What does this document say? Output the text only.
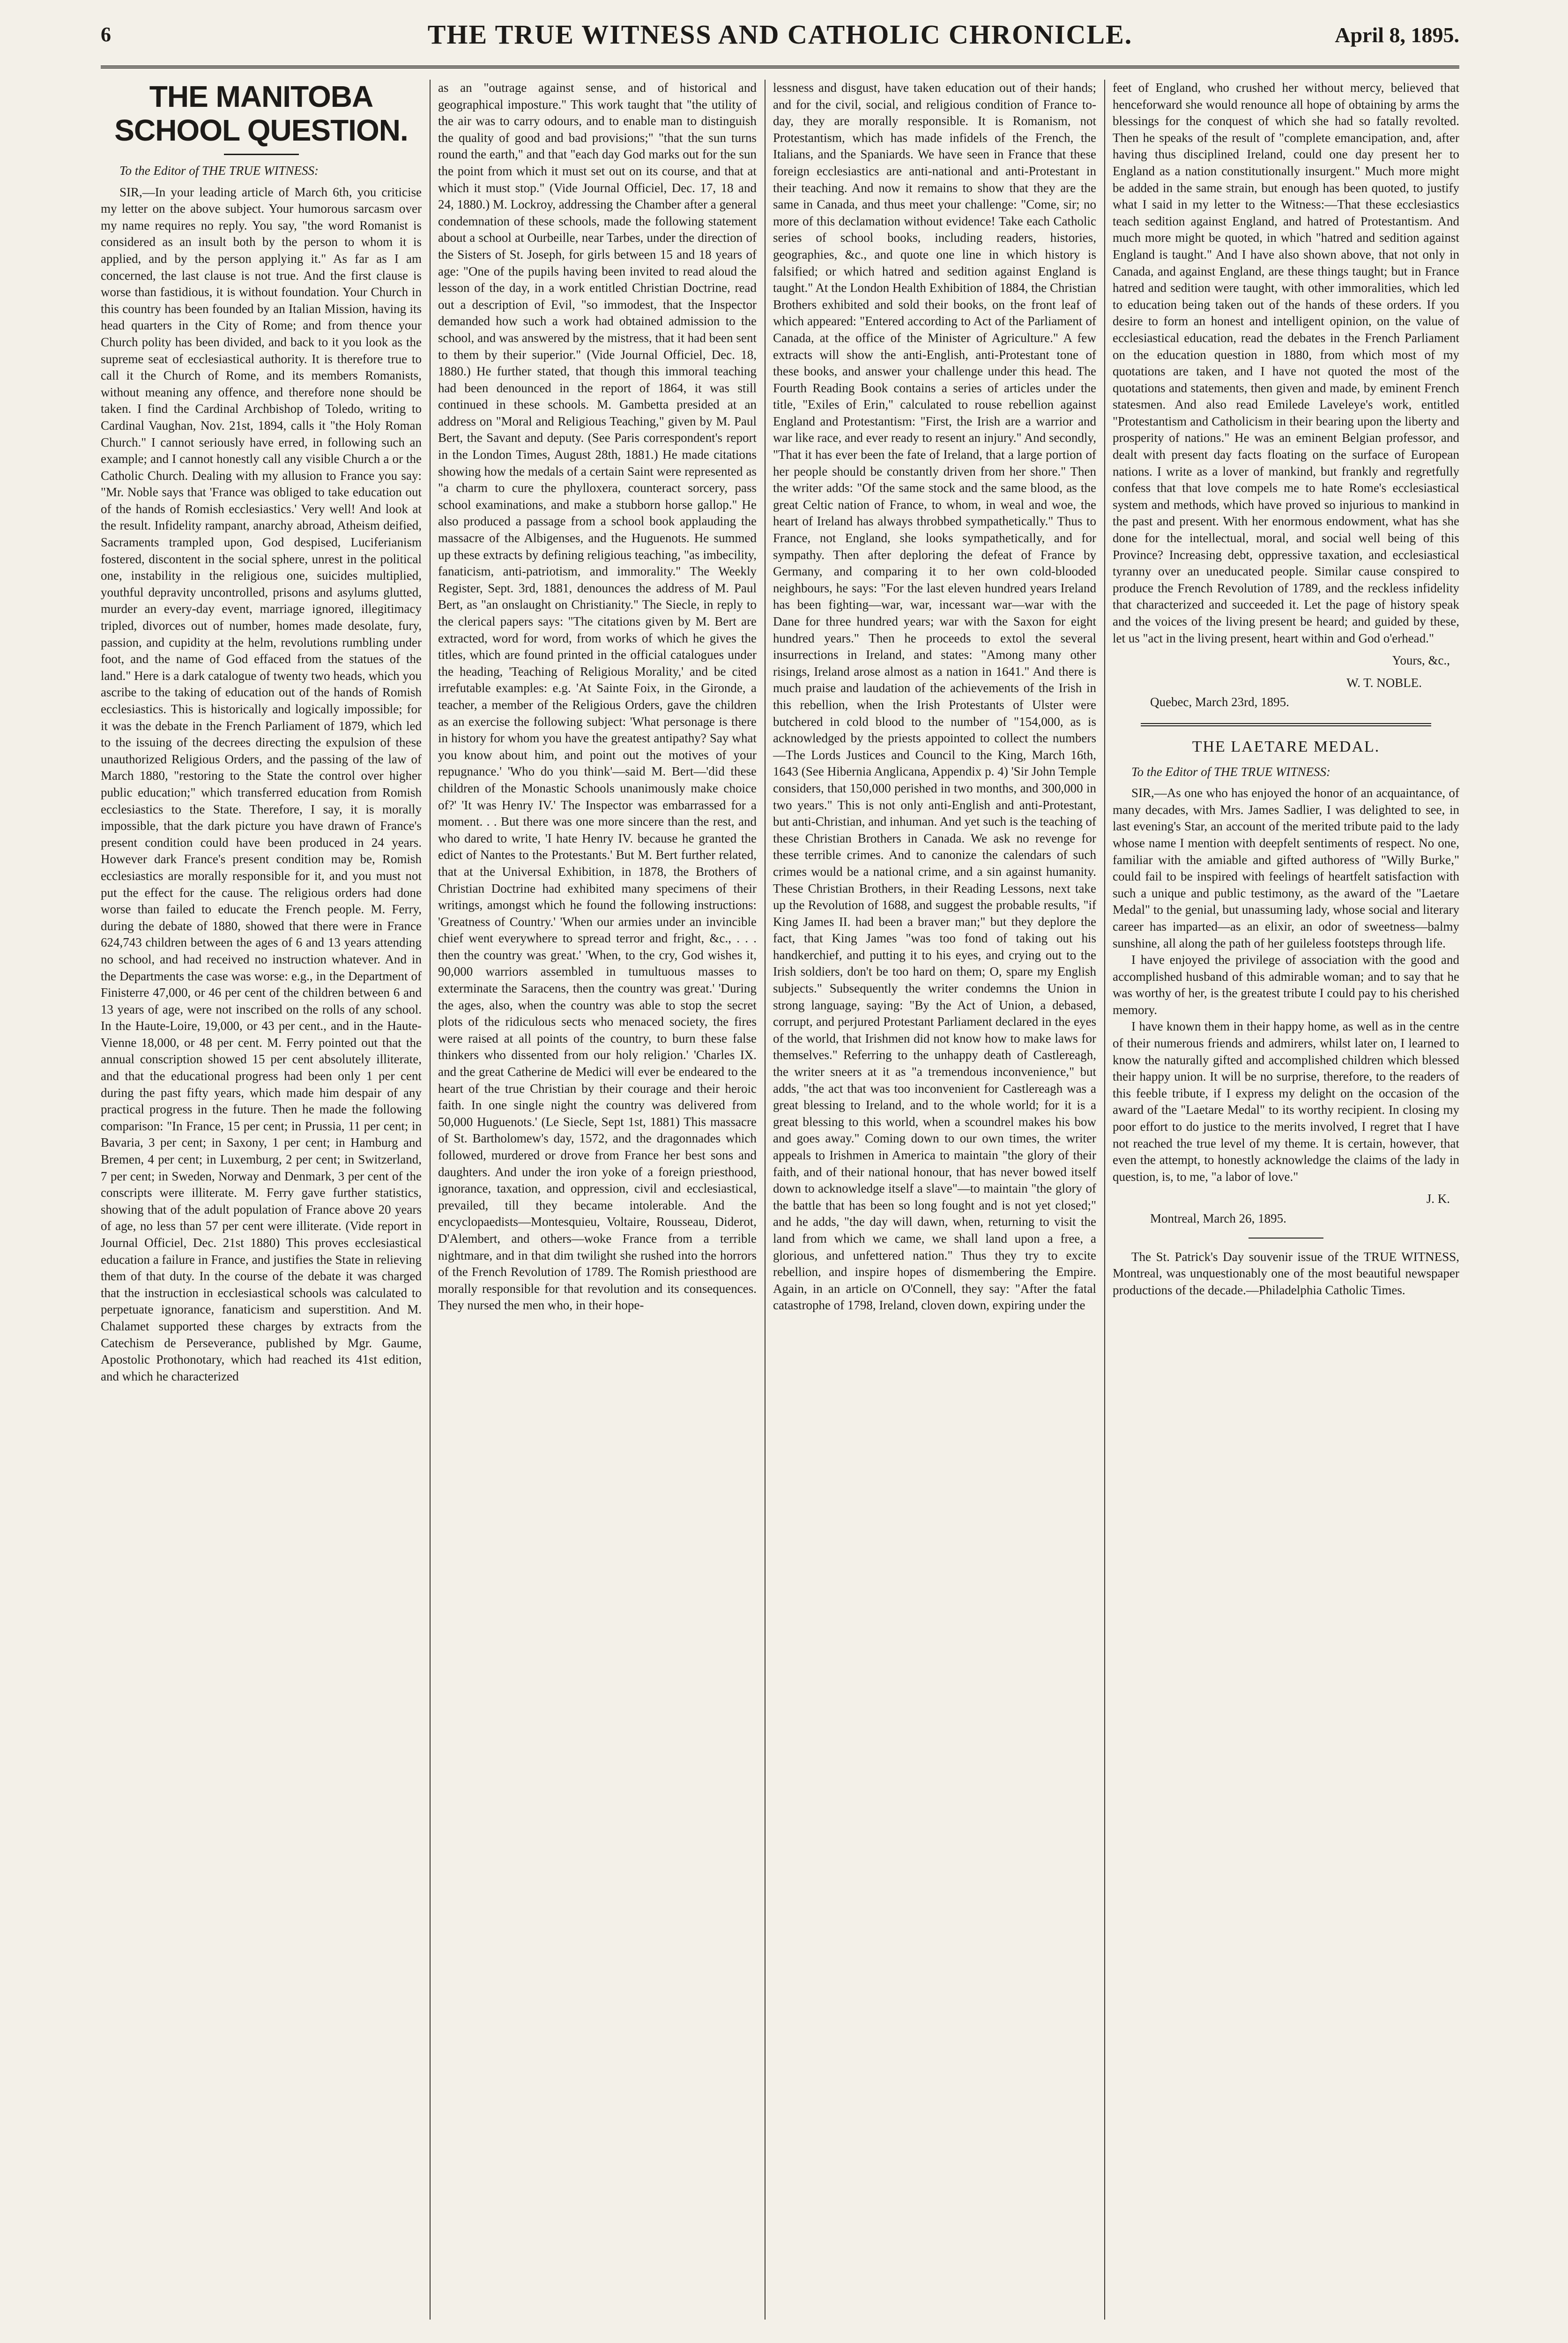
6	THE TRUE WITNESS AND CATHOLIC CHRONICLE.	April 8, 1895.
THE MANITOBA SCHOOL QUESTION.
To the Editor of THE TRUE WITNESS:

SIR,—In your leading article of March 6th, you criticise my letter on the above subject. Your humorous sarcasm over my name requires no reply. You say, "the word Romanist is considered as an insult both by the person to whom it is applied, and by the person applying it." As far as I am concerned, the last clause is not true. And the first clause is worse than fastidious, it is without foundation. Your Church in this country has been founded by an Italian Mission, having its head quarters in the City of Rome; and from thence your Church polity has been divided, and back to it you look as the supreme seat of ecclesiastical authority. It is therefore true to call it the Church of Rome, and its members Romanists, without meaning any offence, and therefore none should be taken. I find the Cardinal Archbishop of Toledo, writing to Cardinal Vaughan, Nov. 21st, 1894, calls it "the Holy Roman Church." I cannot seriously have erred, in following such an example; and I cannot honestly call any visible Church a or the Catholic Church. Dealing with my allusion to France you say: "Mr. Noble says that 'France was obliged to take education out of the hands of Romish ecclesiastics.' Very well! And look at the result. Infidelity rampant, anarchy abroad, Atheism deified, Sacraments trampled upon, God despised, Luciferianism fostered, discontent in the social sphere, unrest in the political one, instability in the religious one, suicides multiplied, youthful depravity uncontrolled, prisons and asylums glutted, murder an every-day event, marriage ignored, illegitimacy tripled, divorces out of number, homes made desolate, fury, passion, and cupidity at the helm, revolutions rumbling under foot, and the name of God effaced from the statues of the land." Here is a dark catalogue of twenty two heads, which you ascribe to the taking of education out of the hands of Romish ecclesiastics. This is historically and logically impossible; for it was the debate in the French Parliament of 1879, which led to the issuing of the decrees directing the expulsion of these unauthorized Religious Orders, and the passing of the law of March 1880, "restoring to the State the control over higher public education;" which transferred education from Romish ecclesiastics to the State. Therefore, I say, it is morally impossible, that the dark picture you have drawn of France's present condition could have been produced in 24 years. However dark France's present condition may be, Romish ecclesiastics are morally responsible for it, and you must not put the effect for the cause. The religious orders had done worse than failed to educate the French people. M. Ferry, during the debate of 1880, showed that there were in France 624,743 children between the ages of 6 and 13 years attending no school, and had received no instruction whatever. And in the Departments the case was worse: e.g., in the Department of Finisterre 47,000, or 46 per cent of the children between 6 and 13 years of age, were not inscribed on the rolls of any school. In the Haute-Loire, 19,000, or 43 per cent., and in the Haute-Vienne 18,000, or 48 per cent. M. Ferry pointed out that the annual conscription showed 15 per cent absolutely illiterate, and that the educational progress had been only 1 per cent during the past fifty years, which made him despair of any practical progress in the future. Then he made the following comparison: "In France, 15 per cent; in Prussia, 11 per cent; in Bavaria, 3 per cent; in Saxony, 1 per cent; in Hamburg and Bremen, 4 per cent; in Luxemburg, 2 per cent; in Switzerland, 7 per cent; in Sweden, Norway and Denmark, 3 per cent of the conscripts were illiterate. M. Ferry gave further statistics, showing that of the adult population of France above 20 years of age, no less than 57 per cent were illiterate. (Vide report in Journal Officiel, Dec. 21st 1880) This proves ecclesiastical education a failure in France, and justifies the State in relieving them of that duty. In the course of the debate it was charged that the instruction in ecclesiastical schools was calculated to perpetuate ignorance, fanaticism and superstition. And M. Chalamet supported these charges by extracts from the Catechism de Perseverance, published by Mgr. Gaume, Apostolic Prothonotary, which had reached its 41st edition, and which he characterized

as an "outrage against sense, and of historical and geographical imposture." This work taught that "the utility of the air was to carry odours, and to enable man to distinguish the quality of good and bad provisions;" "that the sun turns round the earth," and that "each day God marks out for the sun the point from which it must set out on its course, and that at which it must stop." (Vide Journal Officiel, Dec. 17, 18 and 24, 1880.) M. Lockroy, addressing the Chamber after a general condemnation of these schools, made the following statement about a school at Ourbeille, near Tarbes, under the direction of the Sisters of St. Joseph, for girls between 15 and 18 years of age: "One of the pupils having been invited to read aloud the lesson of the day, in a work entitled Christian Doctrine, read out a description of Evil, "so immodest, that the Inspector demanded how such a work had obtained admission to the school, and was answered by the mistress, that it had been sent to them by their superior." (Vide Journal Officiel, Dec. 18, 1880.) He further stated, that though this immoral teaching had been denounced in the report of 1864, it was still continued in these schools. M. Gambetta presided at an address on "Moral and Religious Teaching," given by M. Paul Bert, the Savant and deputy. (See Paris correspondent's report in the London Times, August 28th, 1881.) He made citations showing how the medals of a certain Saint were represented as "a charm to cure the phylloxera, counteract sorcery, pass school examinations, and make a stubborn horse gallop." He also produced a passage from a school book applauding the massacre of the Albigenses, and the Huguenots. He summed up these extracts by defining religious teaching, "as imbecility, fanaticism, anti-patriotism, and immorality." The Weekly Register, Sept. 3rd, 1881, denounces the address of M. Paul Bert, as "an onslaught on Christianity." The Siecle, in reply to the clerical papers says: "The citations given by M. Bert are extracted, word for word, from works of which he gives the titles, which are found printed in the official catalogues under the heading, 'Teaching of Religious Morality,' and be cited irrefutable examples: e.g. 'At Sainte Foix, in the Gironde, a teacher, a member of the Religious Orders, gave the children as an exercise the following subject: 'What personage is there in history for whom you have the greatest antipathy? Say what you know about him, and point out the motives of your repugnance.' 'Who do you think'—said M. Bert—'did these children of the Monastic Schools unanimously make choice of?' 'It was Henry IV.' The Inspector was embarrassed for a moment. . . But there was one more sincere than the rest, and who dared to write, 'I hate Henry IV. because he granted the edict of Nantes to the Protestants.' But M. Bert further related, that at the Universal Exhibition, in 1878, the Brothers of Christian Doctrine had exhibited many specimens of their writings, amongst which he found the following instructions: 'Greatness of Country.' 'When our armies under an invincible chief went everywhere to spread terror and fright, &c., . . . then the country was great.' 'When, to the cry, God wishes it, 90,000 warriors assembled in tumultuous masses to exterminate the Saracens, then the country was great.' 'During the ages, also, when the country was able to stop the secret plots of the ridiculous sects who menaced society, the fires were raised at all points of the country, to burn these false thinkers who dissented from our holy religion.' 'Charles IX. and the great Catherine de Medici will ever be endeared to the heart of the true Christian by their courage and their heroic faith. In one single night the country was delivered from 50,000 Huguenots.' (Le Siecle, Sept 1st, 1881) This massacre of St. Bartholomew's day, 1572, and the dragonnades which followed, murdered or drove from France her best sons and daughters. And under the iron yoke of a foreign priesthood, ignorance, taxation, and oppression, civil and ecclesiastical, prevailed, till they became intolerable. And the encyclopaedists—Montesquieu, Voltaire, Rousseau, Diderot, D'Alembert, and others—woke France from a terrible nightmare, and in that dim twilight she rushed into the horrors of the French Revolution of 1789. The Romish priesthood are morally responsible for that revolution and its consequences. They nursed the men who, in their hope-

lessness and disgust, have taken education out of their hands; and for the civil, social, and religious condition of France to-day, they are morally responsible. It is Romanism, not Protestantism, which has made infidels of the French, the Italians, and the Spaniards. We have seen in France that these foreign ecclesiastics are anti-national and anti-Protestant in their teaching. And now it remains to show that they are the same in Canada, and thus meet your challenge: "Come, sir; no more of this declamation without evidence! Take each Catholic series of school books, including readers, histories, geographies, &c., and quote one line in which history is falsified; or which hatred and sedition against England is taught." At the London Health Exhibition of 1884, the Christian Brothers exhibited and sold their books, on the front leaf of which appeared: "Entered according to Act of the Parliament of Canada, at the office of the Minister of Agriculture." A few extracts will show the anti-English, anti-Protestant tone of these books, and answer your challenge under this head. The Fourth Reading Book contains a series of articles under the title, "Exiles of Erin," calculated to rouse rebellion against England and Protestantism: "First, the Irish are a warrior and war like race, and ever ready to resent an injury." And secondly, "That it has ever been the fate of Ireland, that a large portion of her people should be constantly driven from her shore." Then the writer adds: "Of the same stock and the same blood, as the great Celtic nation of France, to whom, in weal and woe, the heart of Ireland has always throbbed sympathetically." Thus to France, not England, she looks sympathetically, and for sympathy. Then after deploring the defeat of France by Germany, and comparing it to her own cold-blooded neighbours, he says: "For the last eleven hundred years Ireland has been fighting—war, war, incessant war—war with the Dane for three hundred years; war with the Saxon for eight hundred years." Then he proceeds to extol the several insurrections in Ireland, and states: "Among many other risings, Ireland arose almost as a nation in 1641." And there is much praise and laudation of the achievements of the Irish in this rebellion, when the Irish Protestants of Ulster were butchered in cold blood to the number of "154,000, as is acknowledged by the priests appointed to collect the numbers—The Lords Justices and Council to the King, March 16th, 1643 (See Hibernia Anglicana, Appendix p. 4) 'Sir John Temple considers, that 150,000 perished in two months, and 300,000 in two years." This is not only anti-English and anti-Protestant, but anti-Christian, and inhuman. And yet such is the teaching of these Christian Brothers in Canada. We ask no revenge for these terrible crimes. And to canonize the calendars of such crimes would be a national crime, and a sin against humanity. These Christian Brothers, in their Reading Lessons, next take up the Revolution of 1688, and suggest the probable results, "if King James II. had been a braver man;" but they deplore the fact, that King James "was too fond of taking out his handkerchief, and putting it to his eyes, and crying out to the Irish soldiers, don't be too hard on them; O, spare my English subjects." Subsequently the writer condemns the Union in strong language, saying: "By the Act of Union, a debased, corrupt, and perjured Protestant Parliament declared in the eyes of the world, that Irishmen did not know how to make laws for themselves." Referring to the unhappy death of Castlereagh, the writer sneers at it as "a tremendous inconvenience," but adds, "the act that was too inconvenient for Castlereagh was a great blessing to Ireland, and to the whole world; for it is a great blessing to this world, when a scoundrel makes his bow and goes away." Coming down to our own times, the writer appeals to Irishmen in America to maintain "the glory of their faith, and of their national honour, that has never bowed itself down to acknowledge itself a slave"—to maintain "the glory of the battle that has been so long fought and is not yet closed;" and he adds, "the day will dawn, when, returning to visit the land from which we came, we shall land upon a free, a glorious, and unfettered nation." Thus they try to excite rebellion, and inspire hopes of dismembering the Empire. Again, in an article on O'Connell, they say: "After the fatal catastrophe of 1798, Ireland, cloven down, expiring under the

feet of England, who crushed her without mercy, believed that henceforward she would renounce all hope of obtaining by arms the blessings for the conquest of which she had so fatally revolted. Then he speaks of the result of "complete emancipation, and, after having thus disciplined Ireland, could one day present her to England as a nation constitutionally insurgent." Much more might be added in the same strain, but enough has been quoted, to justify what I said in my letter to the Witness:—That these ecclesiastics teach sedition against England, and hatred of Protestantism. And much more might be quoted, in which "hatred and sedition against England is taught." And I have also shown above, that not only in Canada, and against England, are these things taught; but in France hatred and sedition were taught, with other immoralities, which led to education being taken out of the hands of these orders. If you desire to form an honest and intelligent opinion, on the value of ecclesiastical education, read the debates in the French Parliament on the education question in 1880, from which most of my quotations are taken, and I have not quoted the most of the quotations and statements, then given and made, by eminent French statesmen. And also read Emilede Laveleye's work, entitled "Protestantism and Catholicism in their bearing upon the liberty and prosperity of nations." He was an eminent Belgian professor, and dealt with present day facts floating on the surface of European nations. I write as a lover of mankind, but frankly and regretfully confess that that love compels me to hate Rome's ecclesiastical system and methods, which have proved so injurious to mankind in the past and present. With her enormous endowment, what has she done for the intellectual, moral, and social well being of this Province? Increasing debt, oppressive taxation, and ecclesiastical tyranny over an uneducated people. Similar cause conspired to produce the French Revolution of 1789, and the reckless infidelity that characterized and succeeded it. Let the page of history speak and the voices of the living present be heard; and guided by these, let us "act in the living present, heart within and God o'erhead."

Yours, &c.,
W. T. NOBLE.
Quebec, March 23rd, 1895.
THE LAETARE MEDAL.
To the Editor of THE TRUE WITNESS:

SIR,—As one who has enjoyed the honor of an acquaintance, of many decades, with Mrs. James Sadlier, I was delighted to see, in last evening's Star, an account of the merited tribute paid to the lady whose name I mention with deepfelt sentiments of respect. No one, familiar with the amiable and gifted authoress of "Willy Burke," could fail to be inspired with feelings of heartfelt satisfaction with such a unique and public testimony, as the award of the "Laetare Medal" to the genial, but unassuming lady, whose social and literary career has imparted—as an elixir, an odor of sweetness—balmy sunshine, all along the path of her guileless footsteps through life.

I have enjoyed the privilege of association with the good and accomplished husband of this admirable woman; and to say that he was worthy of her, is the greatest tribute I could pay to his cherished memory.

I have known them in their happy home, as well as in the centre of their numerous friends and admirers, whilst later on, I learned to know the naturally gifted and accomplished children which blessed their happy union. It will be no surprise, therefore, to the readers of this feeble tribute, if I express my delight on the occasion of the award of the "Laetare Medal" to its worthy recipient. In closing my poor effort to do justice to the merits involved, I regret that I have not reached the true level of my theme. It is certain, however, that even the attempt, to honestly acknowledge the claims of the lady in question, is, to me, "a labor of love."

J. K.
Montreal, March 26, 1895.

The St. Patrick's Day souvenir issue of the TRUE WITNESS, Montreal, was unquestionably one of the most beautiful newspaper productions of the decade.—Philadelphia Catholic Times.
